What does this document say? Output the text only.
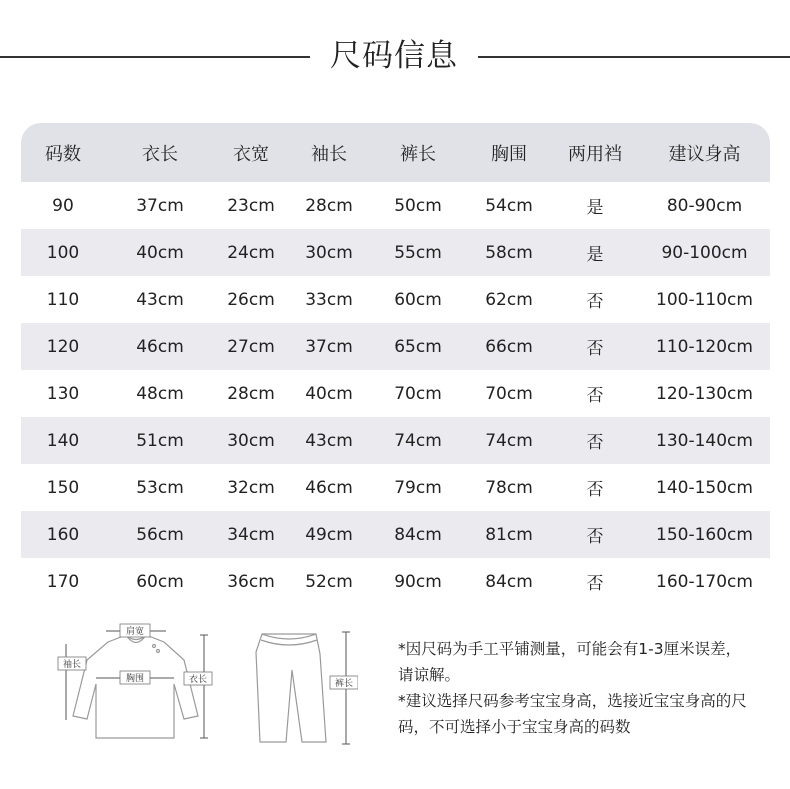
尺码信息
码数	衣长	衣宽	袖长	裤长	胸围	两用裆	建议身高
90	37cm	23cm	28cm	50cm	54cm	是	80-90cm
100	40cm	24cm	30cm	55cm	58cm	是	90-100cm
110	43cm	26cm	33cm	60cm	62cm	否	100-110cm
120	46cm	27cm	37cm	65cm	66cm	否	110-120cm
130	48cm	28cm	40cm	70cm	70cm	否	120-130cm
140	51cm	30cm	43cm	74cm	74cm	否	130-140cm
150	53cm	32cm	46cm	79cm	78cm	否	140-150cm
160	56cm	34cm	49cm	84cm	81cm	否	150-160cm
170	60cm	36cm	52cm	90cm	84cm	否	160-170cm
肩宽
胸围
袖长
衣长	裤长

*因尺码为手工平铺测量，可能会有1-3厘米误差，请谅解。

*建议选择尺码参考宝宝身高，选接近宝宝身高的尺码，不可选择小于宝宝身高的码数
